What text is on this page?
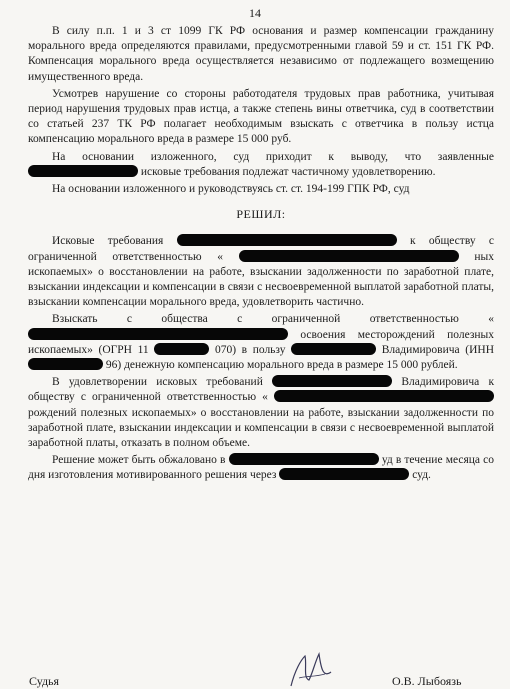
14

В силу п.п. 1 и 3 ст 1099 ГК РФ основания и размер компенсации гражданину морального вреда определяются правилами, предусмотренными главой 59 и ст. 151 ГК РФ. Компенсация морального вреда осуществляется независимо от подлежащего возмещению имущественного вреда.

Усмотрев нарушение со стороны работодателя трудовых прав работника, учитывая период нарушения трудовых прав истца, а также степень вины ответчика, суд в соответствии со статьей 237 ТК РФ полагает необходимым взыскать с ответчика в пользу истца компенсацию морального вреда в размере 15 000 руб.

На основании изложенного, суд приходит к выводу, что заявленные  исковые требования подлежат частичному удовлетворению.

На основании изложенного и руководствуясь ст. ст. 194-199 ГПК РФ, суд

РЕШИЛ:

Исковые требования	к обществу с ограниченной ответственностью «	ных ископаемых» о восстановлении на работе, взыскании задолженности по заработной плате, взыскании индексации и компенсации в связи с несвоевременной выплатой заработной платы, взыскании компенсации морального вреда, удовлетворить частично.

Взыскать с общества с ограниченной ответственностью «  освоения месторождений полезных ископаемых» (ОГРН 11	070) в пользу	Владимировича (ИНН  96) денежную компенсацию морального вреда в размере 15 000 рублей.

В удовлетворении исковых требований	Владимировича к обществу с ограниченной ответственностью «  рождений полезных ископаемых» о восстановлении на работе, взыскании задолженности по заработной плате, взыскании индексации и компенсации в связи с несвоевременной выплатой заработной платы, отказать в полном объеме.

Решение может быть обжаловано в	уд в течение месяца со дня изготовления мотивированного решения через	суд.

Судья	О.В. Лыбоязь
